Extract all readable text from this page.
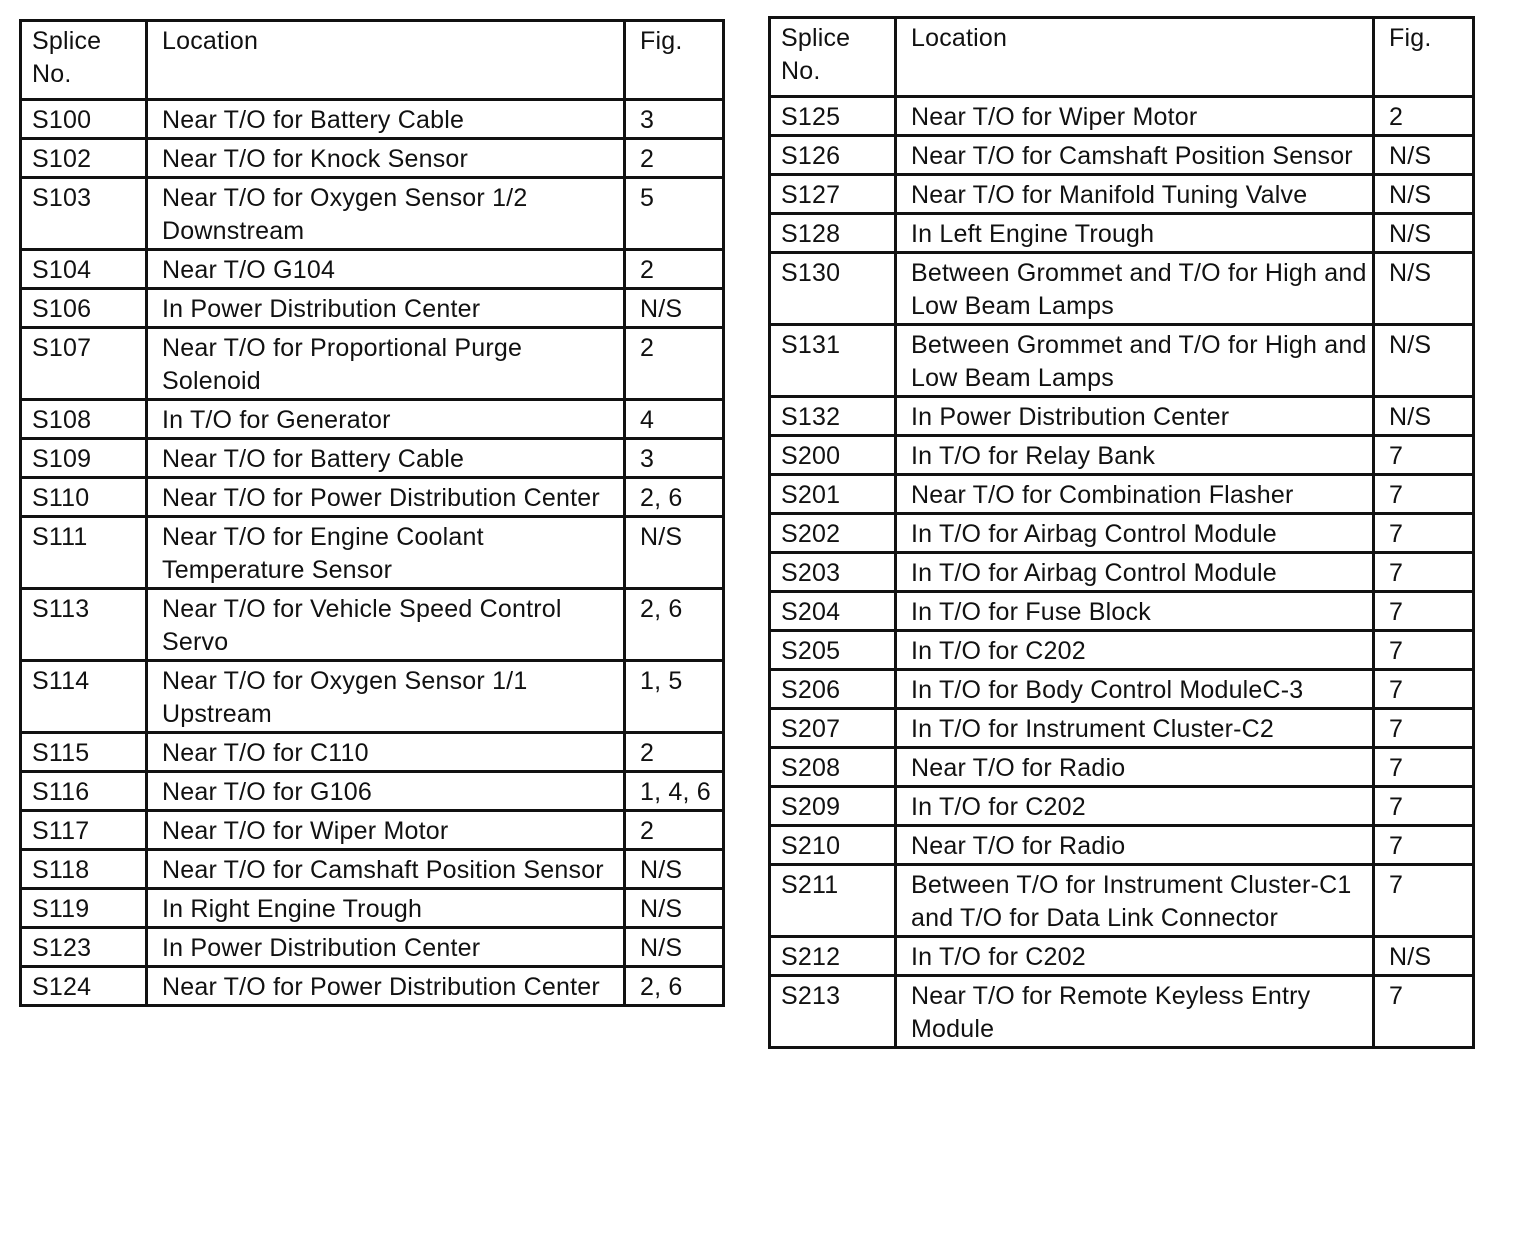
Splice No.	Location	Fig.
S100	Near T/O for Battery Cable	3
S102	Near T/O for Knock Sensor	2
S103	Near T/O for Oxygen Sensor 1/2 Downstream	5
S104	Near T/O G104	2
S106	In Power Distribution Center	N/S
S107	Near T/O for Proportional Purge Solenoid	2
S108	In T/O for Generator	4
S109	Near T/O for Battery Cable	3
S110	Near T/O for Power Distribution Center	2, 6
S111	Near T/O for Engine Coolant Temperature Sensor	N/S
S113	Near T/O for Vehicle Speed Control Servo	2, 6
S114	Near T/O for Oxygen Sensor 1/1 Upstream	1, 5
S115	Near T/O for C110	2
S116	Near T/O for G106	1, 4, 6
S117	Near T/O for Wiper Motor	2
S118	Near T/O for Camshaft Position Sensor	N/S
S119	In Right Engine Trough	N/S
S123	In Power Distribution Center	N/S
S124	Near T/O for Power Distribution Center	2, 6
Splice No.	Location	Fig.
S125	Near T/O for Wiper Motor	2
S126	Near T/O for Camshaft Position Sensor	N/S
S127	Near T/O for Manifold Tuning Valve	N/S
S128	In Left Engine Trough	N/S
S130	Between Grommet and T/O for High and Low Beam Lamps	N/S
S131	Between Grommet and T/O for High and Low Beam Lamps	N/S
S132	In Power Distribution Center	N/S
S200	In T/O for Relay Bank	7
S201	Near T/O for Combination Flasher	7
S202	In T/O for Airbag Control Module	7
S203	In T/O for Airbag Control Module	7
S204	In T/O for Fuse Block	7
S205	In T/O for C202	7
S206	In T/O for Body Control ModuleC-3	7
S207	In T/O for Instrument Cluster-C2	7
S208	Near T/O for Radio	7
S209	In T/O for C202	7
S210	Near T/O for Radio	7
S211	Between T/O for Instrument Cluster-C1 and T/O for Data Link Connector	7
S212	In T/O for C202	N/S
S213	Near T/O for Remote Keyless Entry Module	7
